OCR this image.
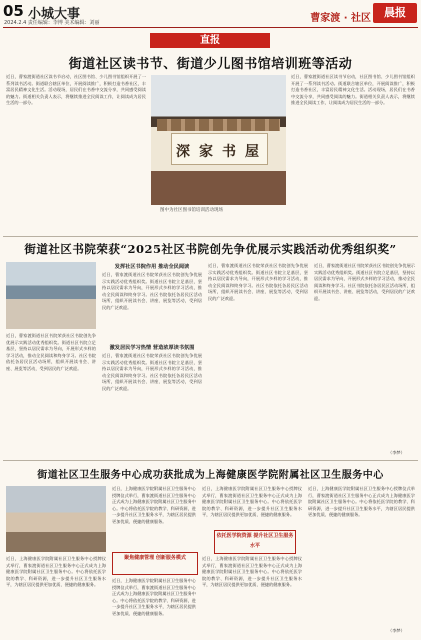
05 小城大事
2024.2.4 责任编辑：李博 美术编辑：刘丽	曹家渡 · 社区	晨报
直报
街道社区读书节、街道少儿图书馆培训班等活动
近日，曹家渡街道社区读书节启动，社区图书馆、少儿图书馆组织开展了一系列读书活动。街道联合辖区单位，开展阅读推广，积极打造书香社区，丰富居民精神文化生活。活动现场，居民们在书香中交流分享，共同感受阅读的魅力。街道相关负责人表示，将继续推进全民阅读工作，让阅读成为居民生活的一部分。
深 家 书 屋
图中为社区图书馆培训活动现场
近日，曹家渡街道社区读书节启动，社区图书馆、少儿图书馆组织开展了一系列读书活动。街道联合辖区单位，开展阅读推广，积极打造书香社区，丰富居民精神文化生活。活动现场，居民们在书香中交流分享，共同感受阅读的魅力。街道相关负责人表示，将继续推进全民阅读工作，让阅读成为居民生活的一部分。
街道社区书院荣获“2025社区书院创先争优展示实践活动优秀组织奖”
近日，曹家渡街道社区书院荣获社区书院创先争优展示实践活动优秀组织奖。街道社区书院立足基层，坚持以居民需求为导向，开展形式多样的学习活动，推动全民阅读和终身学习。社区书院依托各居民区活动场所，组织开展读书会、讲座、展览等活动，受到居民的广泛欢迎。
发挥社区书院作用 推动全民阅读
近日，曹家渡街道社区书院荣获社区书院创先争优展示实践活动优秀组织奖。街道社区书院立足基层，坚持以居民需求为导向，开展形式多样的学习活动，推动全民阅读和终身学习。社区书院依托各居民区活动场所，组织开展读书会、讲座、展览等活动，受到居民的广泛欢迎。
激发居民学习热情 营造浓厚读书氛围
近日，曹家渡街道社区书院荣获社区书院创先争优展示实践活动优秀组织奖。街道社区书院立足基层，坚持以居民需求为导向，开展形式多样的学习活动，推动全民阅读和终身学习。社区书院依托各居民区活动场所，组织开展读书会、讲座、展览等活动，受到居民的广泛欢迎。
近日，曹家渡街道社区书院荣获社区书院创先争优展示实践活动优秀组织奖。街道社区书院立足基层，坚持以居民需求为导向，开展形式多样的学习活动，推动全民阅读和终身学习。社区书院依托各居民区活动场所，组织开展读书会、讲座、展览等活动，受到居民的广泛欢迎。
近日，曹家渡街道社区书院荣获社区书院创先争优展示实践活动优秀组织奖。街道社区书院立足基层，坚持以居民需求为导向，开展形式多样的学习活动，推动全民阅读和终身学习。社区书院依托各居民区活动场所，组织开展读书会、讲座、展览等活动，受到居民的广泛欢迎。
（李梦）
街道社区卫生服务中心成功获批成为上海健康医学院附属社区卫生服务中心
近日，上海健康医学院附属社区卫生服务中心授牌仪式举行，曹家渡街道社区卫生服务中心正式成为上海健康医学院附属社区卫生服务中心。中心将依托医学院的教学、科研资源，进一步提升社区卫生服务水平，为辖区居民提供更加优质、便捷的健康服务。
聚焦健康管理 创新服务模式
近日，上海健康医学院附属社区卫生服务中心授牌仪式举行，曹家渡街道社区卫生服务中心正式成为上海健康医学院附属社区卫生服务中心。中心将依托医学院的教学、科研资源，进一步提升社区卫生服务水平，为辖区居民提供更加优质、便捷的健康服务。
近日，上海健康医学院附属社区卫生服务中心授牌仪式举行，曹家渡街道社区卫生服务中心正式成为上海健康医学院附属社区卫生服务中心。中心将依托医学院的教学、科研资源，进一步提升社区卫生服务水平，为辖区居民提供更加优质、便捷的健康服务。
近日，上海健康医学院附属社区卫生服务中心授牌仪式举行，曹家渡街道社区卫生服务中心正式成为上海健康医学院附属社区卫生服务中心。中心将依托医学院的教学、科研资源，进一步提升社区卫生服务水平，为辖区居民提供更加优质、便捷的健康服务。
依托医学院资源 提升社区卫生服务水平
近日，上海健康医学院附属社区卫生服务中心授牌仪式举行，曹家渡街道社区卫生服务中心正式成为上海健康医学院附属社区卫生服务中心。中心将依托医学院的教学、科研资源，进一步提升社区卫生服务水平，为辖区居民提供更加优质、便捷的健康服务。
近日，上海健康医学院附属社区卫生服务中心授牌仪式举行，曹家渡街道社区卫生服务中心正式成为上海健康医学院附属社区卫生服务中心。中心将依托医学院的教学、科研资源，进一步提升社区卫生服务水平，为辖区居民提供更加优质、便捷的健康服务。
（李梦）
